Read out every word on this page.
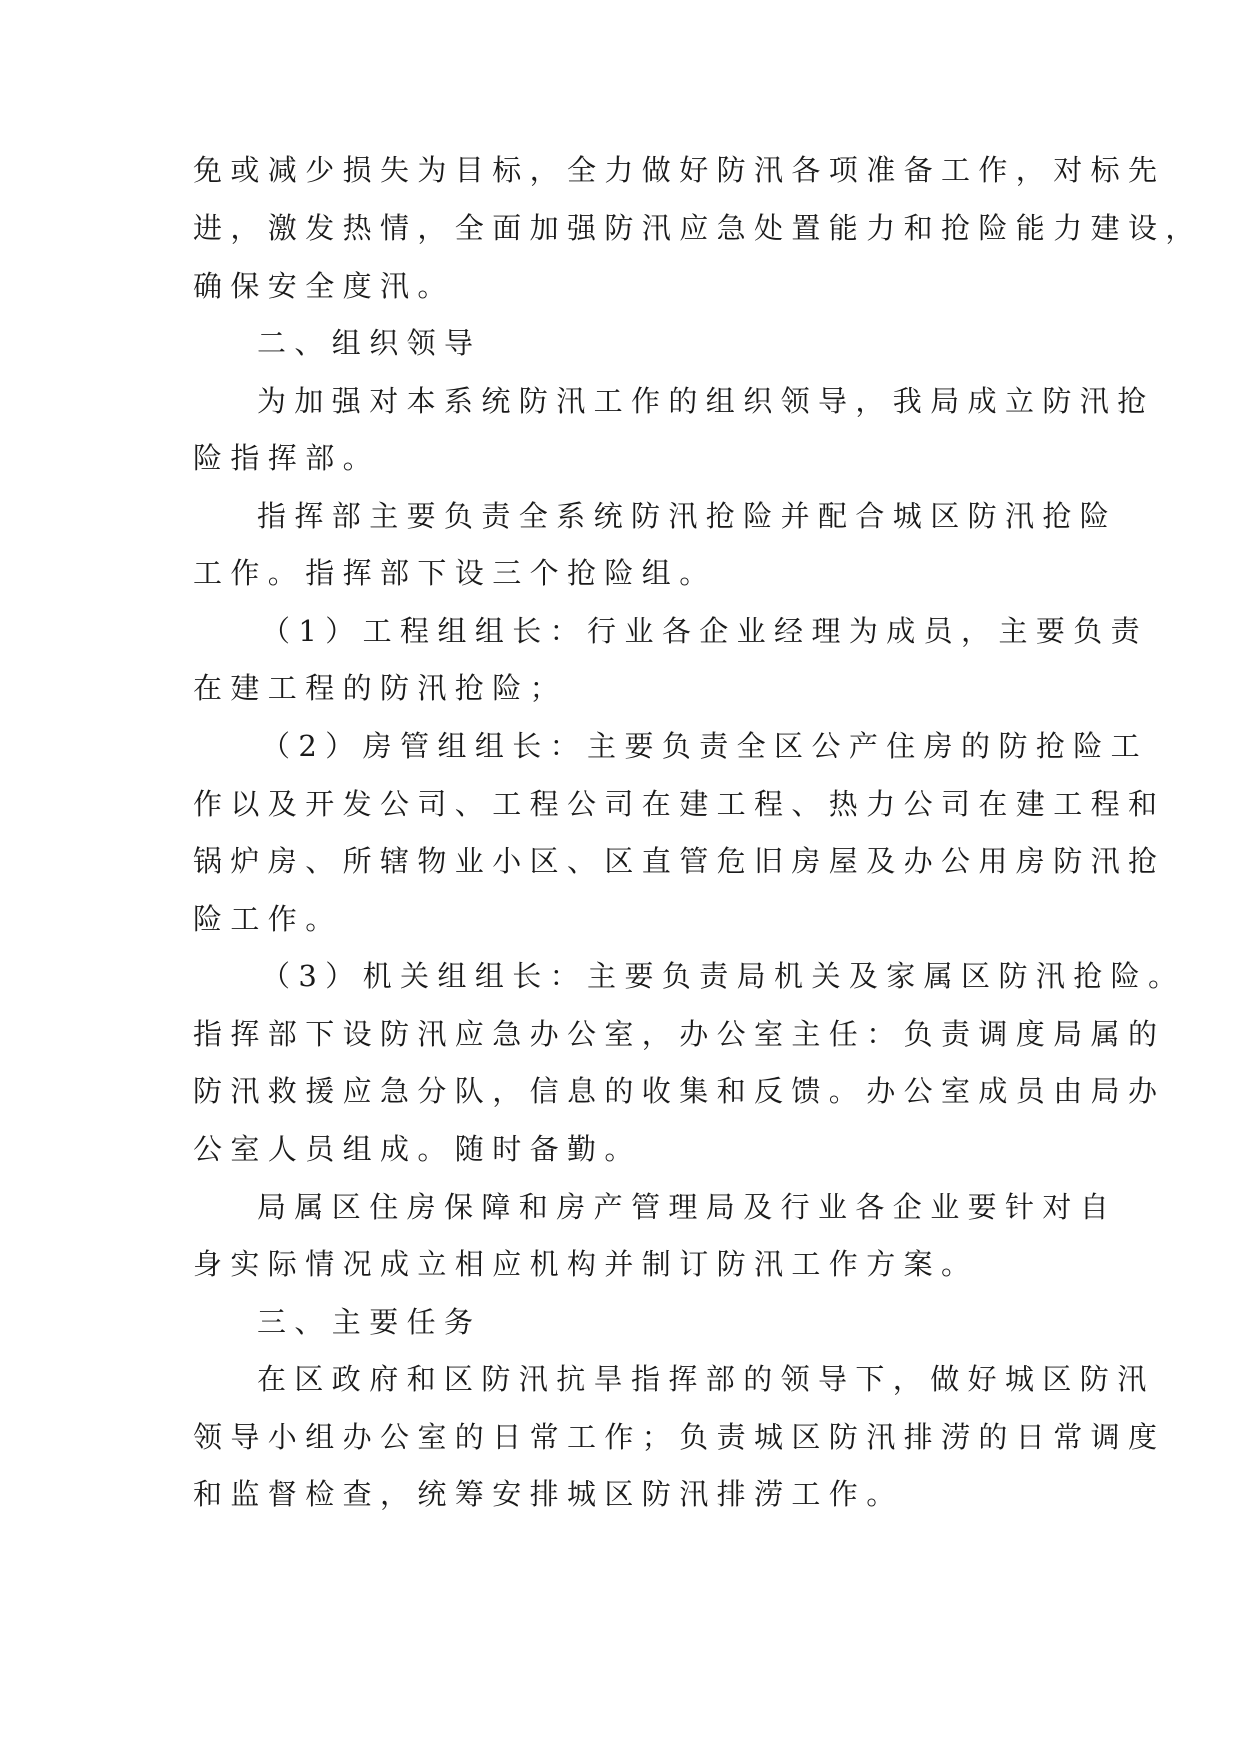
免或减少损失为目标，全力做好防汛各项准备工作，对标先
进，激发热情，全面加强防汛应急处置能力和抢险能力建设，
确保安全度汛。
二、组织领导
为加强对本系统防汛工作的组织领导，我局成立防汛抢
险指挥部。
指挥部主要负责全系统防汛抢险并配合城区防汛抢险
工作。指挥部下设三个抢险组。
（1）工程组组长：行业各企业经理为成员，主要负责
在建工程的防汛抢险；
（2）房管组组长：主要负责全区公产住房的防抢险工
作以及开发公司、工程公司在建工程、热力公司在建工程和
锅炉房、所辖物业小区、区直管危旧房屋及办公用房防汛抢
险工作。
（3）机关组组长：主要负责局机关及家属区防汛抢险。
指挥部下设防汛应急办公室，办公室主任：负责调度局属的
防汛救援应急分队，信息的收集和反馈。办公室成员由局办
公室人员组成。随时备勤。
局属区住房保障和房产管理局及行业各企业要针对自
身实际情况成立相应机构并制订防汛工作方案。
三、主要任务
在区政府和区防汛抗旱指挥部的领导下，做好城区防汛
领导小组办公室的日常工作；负责城区防汛排涝的日常调度
和监督检查，统筹安排城区防汛排涝工作。
